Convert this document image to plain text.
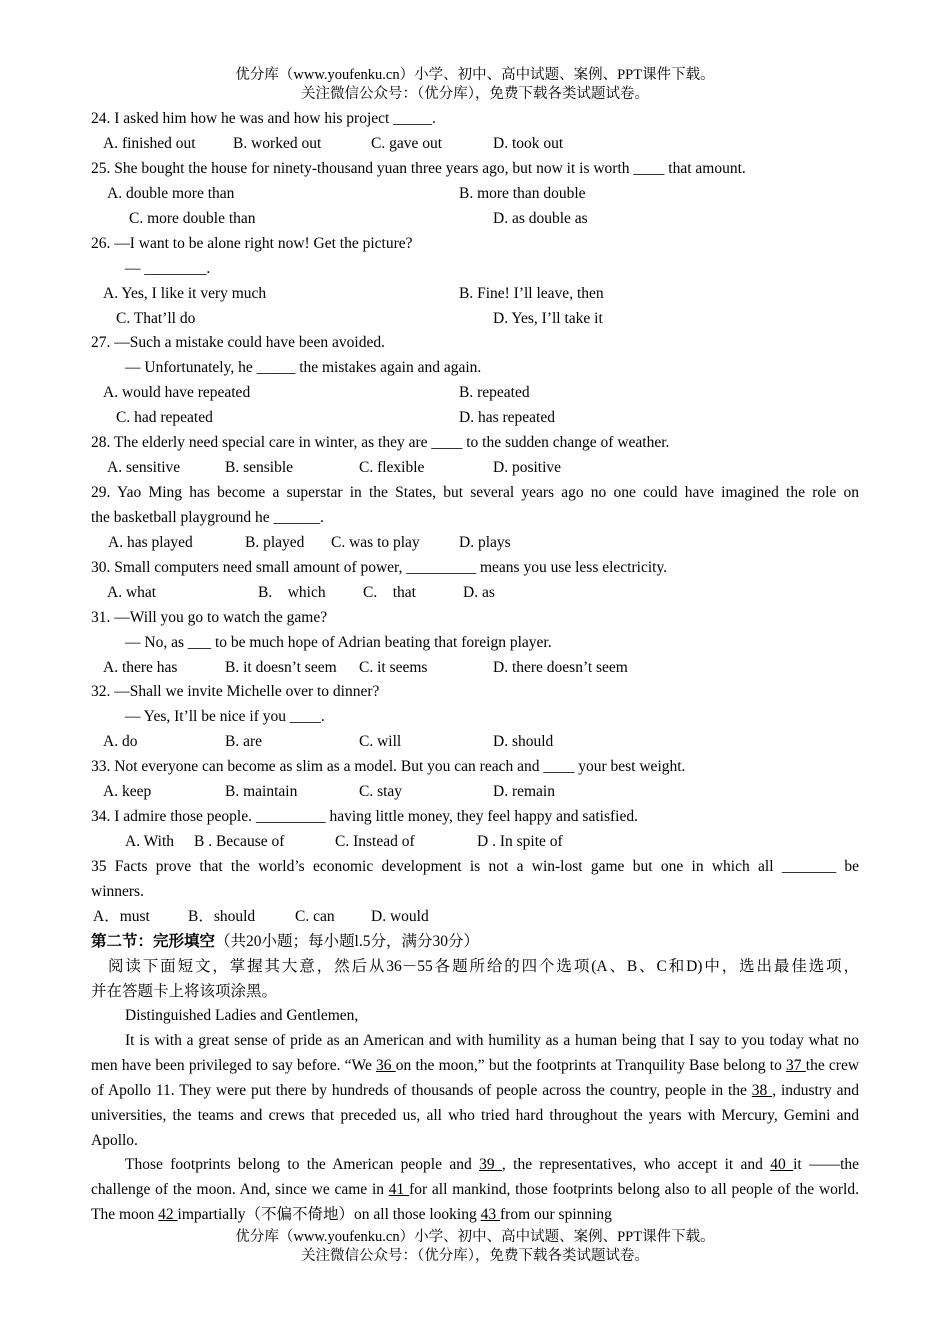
优分库（www.youfenku.cn）小学、初中、高中试题、案例、PPT课件下载。
关注微信公众号：（优分库），免费下载各类试题试卷。
24. I asked him how he was and how his project _____.
A. finished out B. worked out	C. gave out	D. took out
25. She bought the house for ninety-thousand yuan three years ago, but now it is worth ____ that amount.
A. double more than	B. more than double
C. more double than	D. as double as
26. —I want to be alone right now! Get the picture?
— ________.
A. Yes, I like it very much	B. Fine! I’ll leave, then
C. That’ll do	D. Yes, I’ll take it
27. —Such a mistake could have been avoided.
— Unfortunately, he _____ the mistakes again and again.
A. would have repeated	B. repeated
C. had repeated	D. has repeated
28. The elderly need special care in winter, as they are ____ to the sudden change of weather.
A. sensitive	B. sensible	C. flexible	D. positive
29. Yao Ming has become a superstar in the States, but several years ago no one could have imagined the role on
the basketball playground he ______.
A. has played	B. played C. was to play	D. plays
30. Small computers need small amount of power, _________ means you use less electricity.
A. what	B.    which C.    that	D. as
31. —Will you go to watch the game?
— No, as ___ to be much hope of Adrian beating that foreign player.
A. there has	B. it doesn’t seem C. it seems	D. there doesn’t seem
32. —Shall we invite Michelle over to dinner?
— Yes, It’ll be nice if you ____.
A. do	B. are	C. will	D. should
33. Not everyone can become as slim as a model. But you can reach and ____ your best weight.
A. keep	B. maintain	C. stay	D. remain
34. I admire those people. _________ having little money, they feel happy and satisfied.
A. With B . Because of	C. Instead of	D . In spite of
35 Facts prove that the world’s economic development is not a win-lost game but one in which all _______ be
winners.
A．must B．should	C. can D. would
第二节：完形填空（共20小题；每小题l.5分，满分30分）
阅读下面短文，掌握其大意，然后从36－55各题所给的四个选项(A、B、C和D)中，选出最佳选项，
并在答题卡上将该项涂黑。
Distinguished Ladies and Gentlemen,
It is with a great sense of pride as an American and with humility as a human being that I say to you today what no men have been privileged to say before. “We 36 on the moon,” but the footprints at Tranquility Base belong to 37 the crew of Apollo 11. They were put there by hundreds of thousands of people across the country, people in the 38 , industry and universities, the teams and crews that preceded us, all who tried hard throughout the years with Mercury, Gemini and Apollo.
Those footprints belong to the American people and 39 , the representatives, who accept it and 40 it ——the challenge of the moon. And, since we came in 41 for all mankind, those footprints belong also to all people of the world. The moon 42 impartially（不偏不倚地）on all those looking 43 from our spinning
优分库（www.youfenku.cn）小学、初中、高中试题、案例、PPT课件下载。
关注微信公众号：（优分库），免费下载各类试题试卷。
